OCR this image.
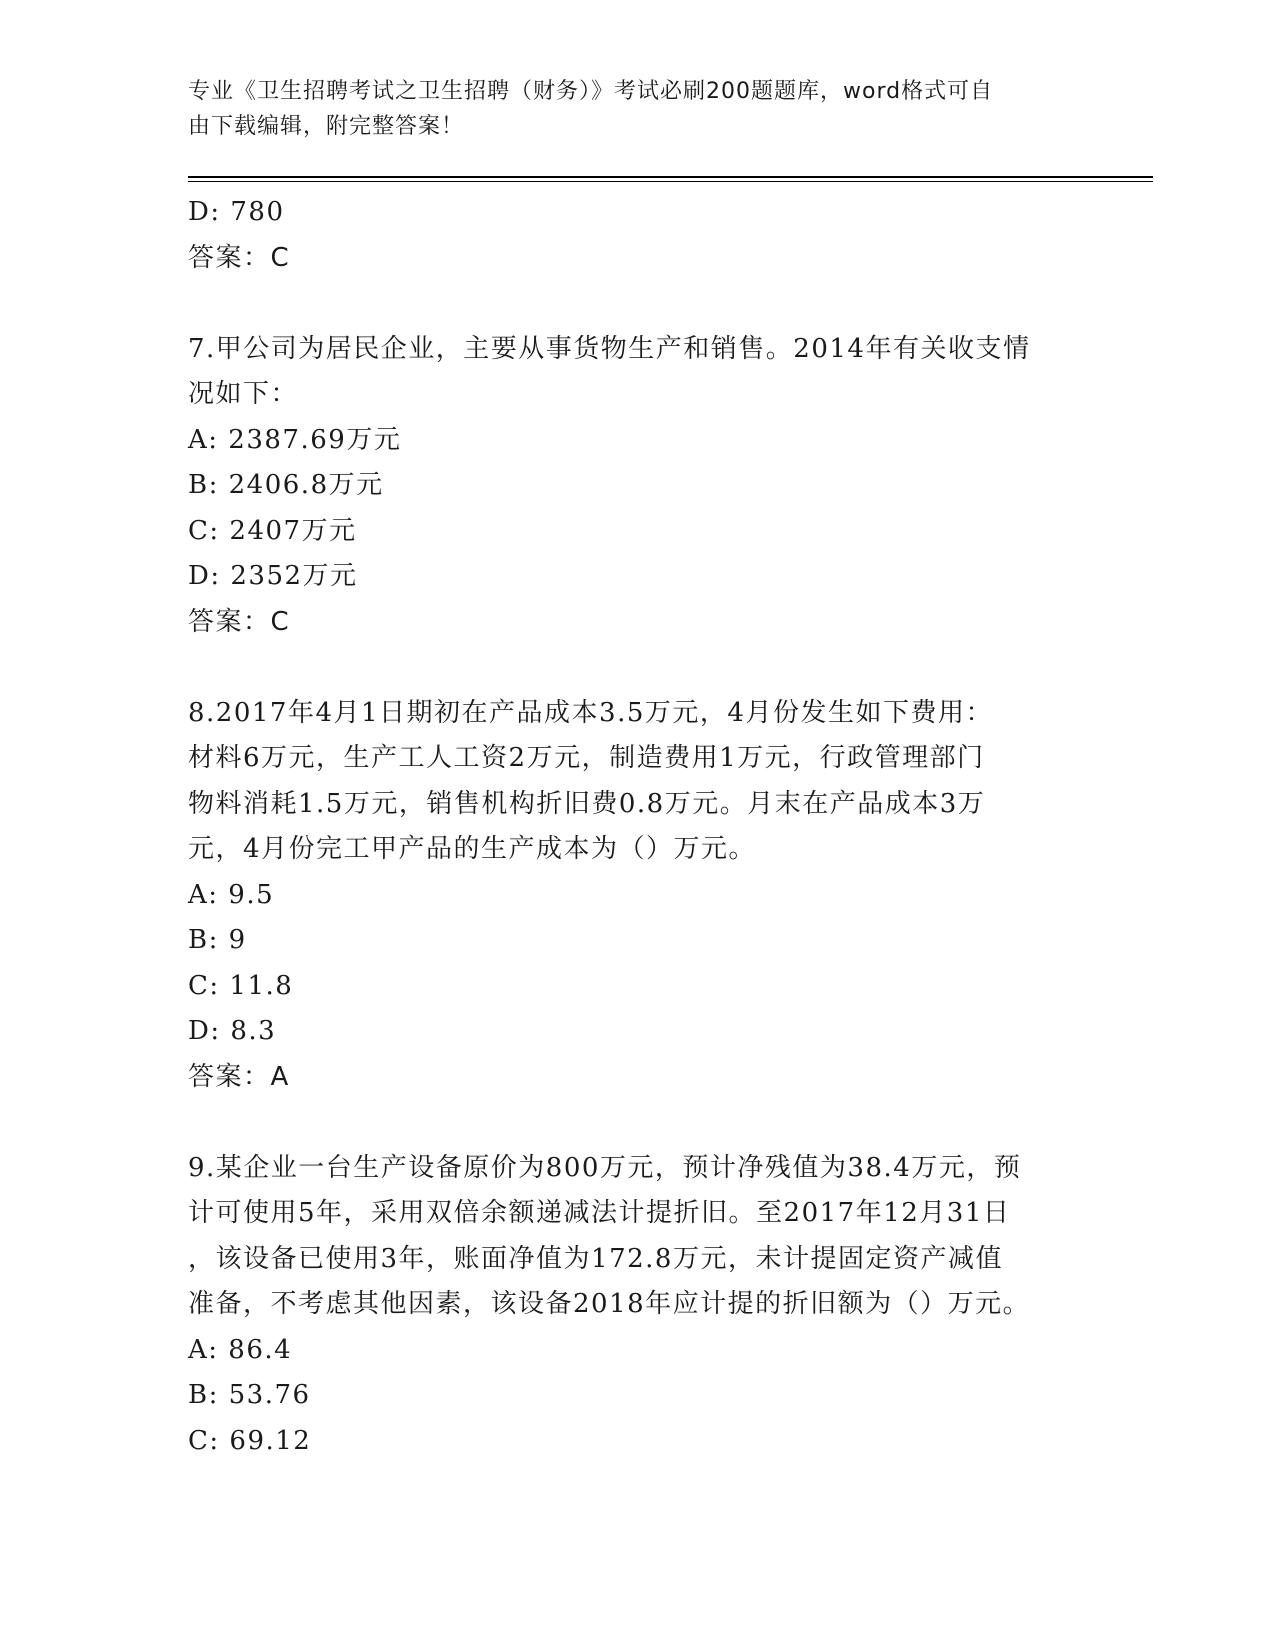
专业《卫生招聘考试之卫生招聘（财务）》考试必刷200题题库，word格式可自
由下载编辑，附完整答案！
D: 780
答案：C
7.甲公司为居民企业，主要从事货物生产和销售。2014年有关收支情
况如下：
A: 2387.69万元
B: 2406.8万元
C: 2407万元
D: 2352万元
答案：C
8.2017年4月1日期初在产品成本3.5万元，4月份发生如下费用：
材料6万元，生产工人工资2万元，制造费用1万元，行政管理部门
物料消耗1.5万元，销售机构折旧费0.8万元。月末在产品成本3万
元，4月份完工甲产品的生产成本为（）万元。
A: 9.5
B: 9
C: 11.8
D: 8.3
答案：A
9.某企业一台生产设备原价为800万元，预计净残值为38.4万元，预
计可使用5年，采用双倍余额递减法计提折旧。至2017年12月31日
，该设备已使用3年，账面净值为172.8万元，未计提固定资产减值
准备，不考虑其他因素，该设备2018年应计提的折旧额为（）万元。
A: 86.4
B: 53.76
C: 69.12
